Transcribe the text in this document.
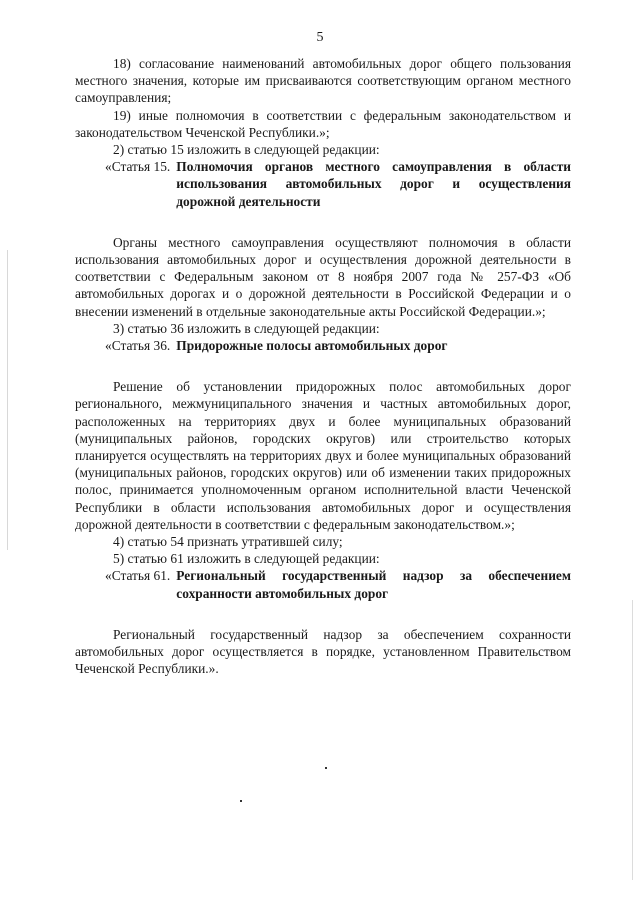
5

18) согласование наименований автомобильных дорог общего пользования местного значения, которые им присваиваются соответствующим органом местного самоуправления;

19) иные полномочия в соответствии с федеральным законодательством и законодательством Чеченской Республики.»;

2) статью 15 изложить в следующей редакции:

«Статья 15. Полномочия органов местного самоуправления в области использования автомобильных дорог и осуществления дорожной деятельности

Органы местного самоуправления осуществляют полномочия в области использования автомобильных дорог и осуществления дорожной деятельности в соответствии с Федеральным законом от 8 ноября 2007 года № 257-ФЗ «Об автомобильных дорогах и о дорожной деятельности в Российской Федерации и о внесении изменений в отдельные законодательные акты Российской Федерации.»;

3) статью 36 изложить в следующей редакции:

«Статья 36. Придорожные полосы автомобильных дорог

Решение об установлении придорожных полос автомобильных дорог регионального, межмуниципального значения и частных автомобильных дорог, расположенных на территориях двух и более муниципальных образований (муниципальных районов, городских округов) или строительство которых планируется осуществлять на территориях двух и более муниципальных образований (муниципальных районов, городских округов) или об изменении таких придорожных полос, принимается уполномоченным органом исполнительной власти Чеченской Республики в области использования автомобильных дорог и осуществления дорожной деятельности в соответствии с федеральным законодательством.»;

4) статью 54 признать утратившей силу;

5) статью 61 изложить в следующей редакции:

«Статья 61. Региональный государственный надзор за обеспечением сохранности автомобильных дорог

Региональный государственный надзор за обеспечением сохранности автомобильных дорог осуществляется в порядке, установленном Правительством Чеченской Республики.».
